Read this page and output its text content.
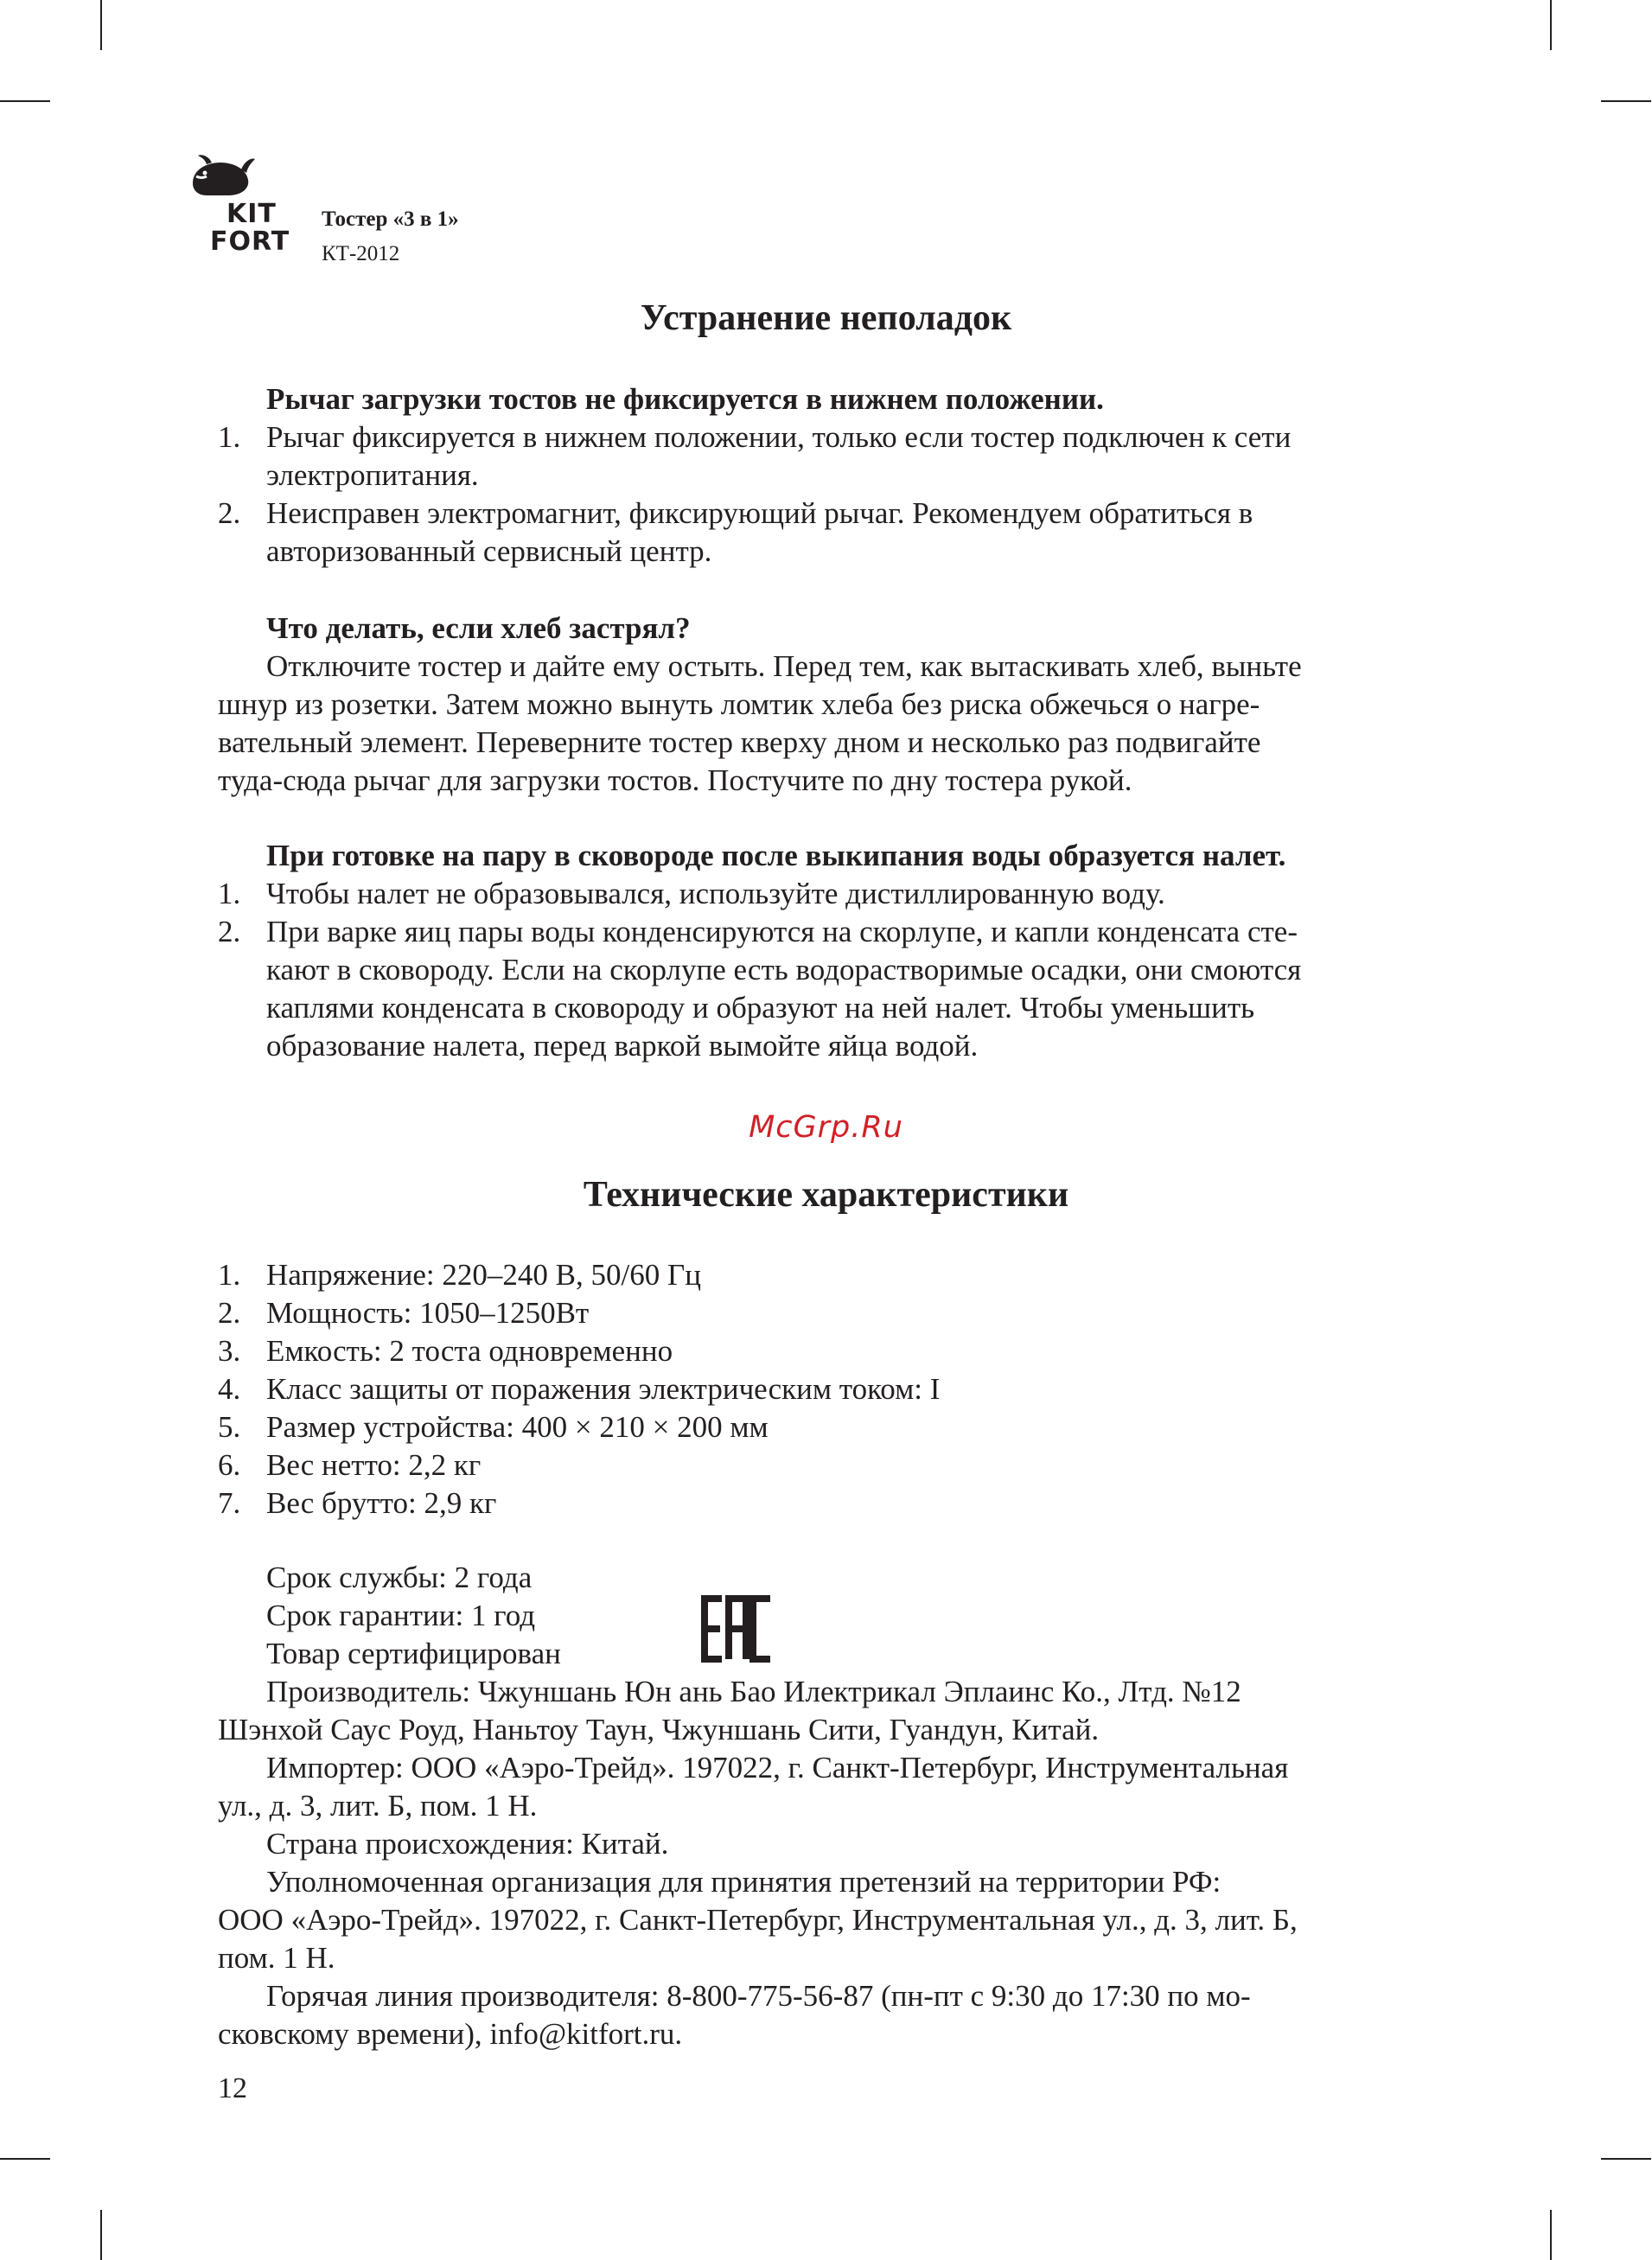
KIT
FORT
Тостер «3 в 1»
КТ-2012
Устранение неполадок
Рычаг загрузки тостов не фиксируется в нижнем положении.
1. Рычаг фиксируется в нижнем положении, только если тостер подключен к сети
электропитания.
2. Неисправен электромагнит, фиксирующий рычаг. Рекомендуем обратиться в
авторизованный сервисный центр.
Что делать, если хлеб застрял?
Отключите тостер и дайте ему остыть. Перед тем, как вытаскивать хлеб, выньте
шнур из розетки. Затем можно вынуть ломтик хлеба без риска обжечься о нагре-
вательный элемент. Переверните тостер кверху дном и несколько раз подвигайте
туда-сюда рычаг для загрузки тостов. Постучите по дну тостера рукой.
При готовке на пару в сковороде после выкипания воды образуется налет.
1. Чтобы налет не образовывался, используйте дистиллированную воду.
2. При варке яиц пары воды конденсируются на скорлупе, и капли конденсата сте-
кают в сковороду. Если на скорлупе есть водорастворимые осадки, они смоются
каплями конденсата в сковороду и образуют на ней налет. Чтобы уменьшить
образование налета, перед варкой вымойте яйца водой.
McGrp.Ru
Технические характеристики
1. Напряжение: 220–240 В, 50/60 Гц
2. Мощность: 1050–1250Вт
3. Емкость: 2 тоста одновременно
4. Класс защиты от поражения электрическим током: I
5. Размер устройства: 400 × 210 × 200 мм
6. Вес нетто: 2,2 кг
7. Вес брутто: 2,9 кг
Срок службы: 2 года
Срок гарантии: 1 год
Товар сертифицирован
Производитель: Чжуншань Юн ань Бао Илектрикал Эплаинс Ко., Лтд. №12
Шэнхой Саус Роуд, Наньтоу Таун, Чжуншань Сити, Гуандун, Китай.
Импортер: ООО «Аэро-Трейд». 197022, г. Санкт-Петербург, Инструментальная
ул., д. 3, лит. Б, пом. 1 Н.
Страна происхождения: Китай.
Уполномоченная организация для принятия претензий на территории РФ:
ООО «Аэро-Трейд». 197022, г. Санкт-Петербург, Инструментальная ул., д. 3, лит. Б,
пом. 1 Н.
Горячая линия производителя: 8-800-775-56-87 (пн-пт с 9:30 до 17:30 по мо-
сковскому времени), info@kitfort.ru.
12
